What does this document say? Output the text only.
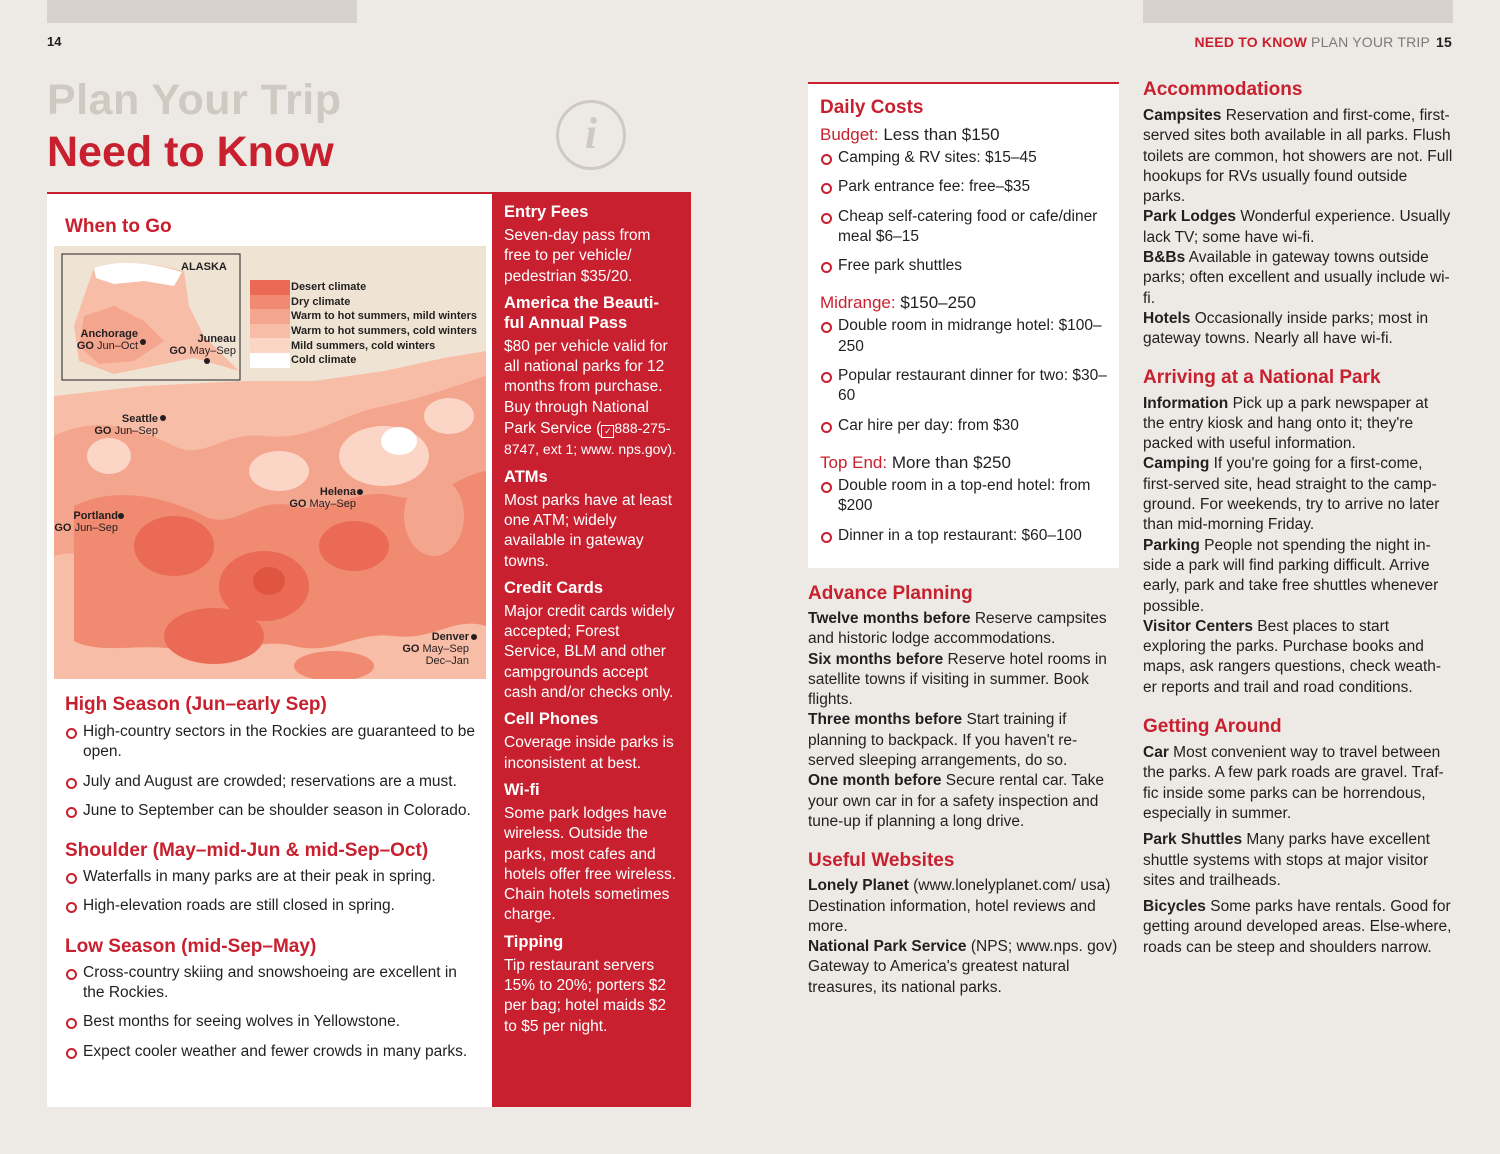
14	NEED TO KNOW PLAN YOUR TRIP 15
Plan Your Trip
Need to Know	i
When to Go
ALASKA
Desert climate
Dry climate
Warm to hot summers, mild winters
Warm to hot summers, cold winters
Mild summers, cold winters
Cold climate
Anchorage
GO Jun–Oct
Juneau
GO May–Sep
Seattle
GO Jun–Sep
Portland
GO Jun–Sep
Helena
GO May–Sep
Denver
GO May–Sep
Dec–Jan
High Season (Jun–early Sep)
High-country sectors in the Rockies are guaranteed to be open.
July and August are crowded; reservations are a must.
June to September can be shoulder season in Colorado.
Shoulder (May–mid-Jun & mid-Sep–Oct)
Waterfalls in many parks are at their peak in spring.
High-elevation roads are still closed in spring.
Low Season (mid-Sep–May)
Cross-country skiing and snowshoeing are excellent in the Rockies.
Best months for seeing wolves in Yellowstone.
Expect cooler weather and fewer crowds in many parks.
Entry Fees
Seven-day pass from free to per vehicle/ pedestrian $35/20.
America the Beauti-ful Annual Pass
$80 per vehicle valid for all national parks for 12 months from purchase. Buy through National Park Service ( ✓ 888-275-8747, ext 1; www. nps.gov).
ATMs
Most parks have at least one ATM; widely available in gateway towns.
Credit Cards
Major credit cards widely accepted; Forest Service, BLM and other campgrounds accept cash and/or checks only.
Cell Phones
Coverage inside parks is inconsistent at best.
Wi-fi
Some park lodges have wireless. Outside the parks, most cafes and hotels offer free wireless. Chain hotels sometimes charge.
Tipping
Tip restaurant servers 15% to 20%; porters $2 per bag; hotel maids $2 to $5 per night.
Daily Costs
Budget: Less than $150
Camping & RV sites: $15–45
Park entrance fee: free–$35
Cheap self-catering food or cafe/diner meal $6–15
Free park shuttles
Midrange: $150–250
Double room in midrange hotel: $100–250
Popular restaurant dinner for two: $30–60
Car hire per day: from $30
Top End: More than $250
Double room in a top-end hotel: from $200
Dinner in a top restaurant: $60–100
Advance Planning
Twelve months before Reserve campsites and historic lodge accommodations.
Six months before Reserve hotel rooms in satellite towns if visiting in summer. Book flights.
Three months before Start training if planning to backpack. If you haven't re-served sleeping arrangements, do so.
One month before Secure rental car. Take your own car in for a safety inspection and tune-up if planning a long drive.
Useful Websites
Lonely Planet (www.lonelyplanet.com/ usa) Destination information, hotel reviews and more.
National Park Service (NPS; www.nps. gov) Gateway to America's greatest natural treasures, its national parks.
Accommodations
Campsites Reservation and first-come, first-served sites both available in all parks. Flush toilets are common, hot showers are not. Full hookups for RVs usually found outside parks.
Park Lodges Wonderful experience. Usually lack TV; some have wi-fi.
B&Bs Available in gateway towns outside parks; often excellent and usually include wi-fi.
Hotels Occasionally inside parks; most in gateway towns. Nearly all have wi-fi.
Arriving at a National Park
Information Pick up a park newspaper at the entry kiosk and hang onto it; they're packed with useful information.
Camping If you're going for a first-come, first-served site, head straight to the camp-ground. For weekends, try to arrive no later than mid-morning Friday.
Parking People not spending the night in-side a park will find parking difficult. Arrive early, park and take free shuttles whenever possible.
Visitor Centers Best places to start exploring the parks. Purchase books and maps, ask rangers questions, check weath-er reports and trail and road conditions.
Getting Around
Car Most convenient way to travel between the parks. A few park roads are gravel. Traf-fic inside some parks can be horrendous, especially in summer.
Park Shuttles Many parks have excellent shuttle systems with stops at major visitor sites and trailheads.
Bicycles Some parks have rentals. Good for getting around developed areas. Else-where, roads can be steep and shoulders narrow.
